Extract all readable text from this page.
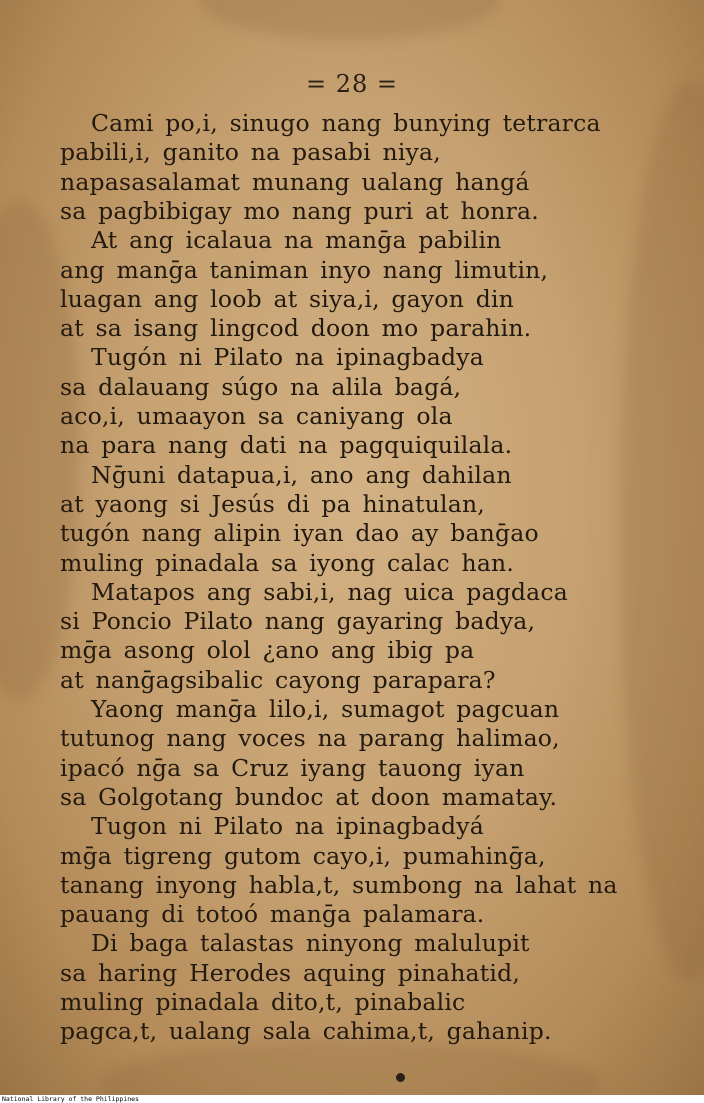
= 28 =
Cami po,i, sinugo nang bunying tetrarca
pabili,i, ganito na pasabi niya,
napasasalamat munang ualang hangá
sa pagbibigay mo nang puri at honra.
At ang icalaua na manḡa pabilin
ang manḡa taniman inyo nang limutin,
luagan ang loob at siya,i, gayon din
at sa isang lingcod doon mo parahin.
Tugón ni Pilato na ipinagbadya
sa dalauang súgo na alila bagá,
aco,i, umaayon sa caniyang ola
na para nang dati na pagquiquilala.
Nḡuni datapua,i, ano ang dahilan
at yaong si Jesús di pa hinatulan,
tugón nang alipin iyan dao ay banḡao
muling pinadala sa iyong calac han.
Matapos ang sabi,i, nag uica pagdaca
si Poncio Pilato nang gayaring badya,
mḡa asong olol ¿ano ang ibig pa
at nanḡagsibalic cayong parapara?
Yaong manḡa lilo,i, sumagot pagcuan
tutunog nang voces na parang halimao,
ipacó nḡa sa Cruz iyang tauong iyan
sa Golgotang bundoc at doon mamatay.
Tugon ni Pilato na ipinagbadyá
mḡa tigreng gutom cayo,i, pumahinḡa,
tanang inyong habla,t, sumbong na lahat na
pauang di totoó manḡa palamara.
Di baga talastas ninyong malulupit
sa haring Herodes aquing pinahatid,
muling pinadala dito,t, pinabalic
pagca,t, ualang sala cahima,t, gahanip.
National Library of the Philippines
